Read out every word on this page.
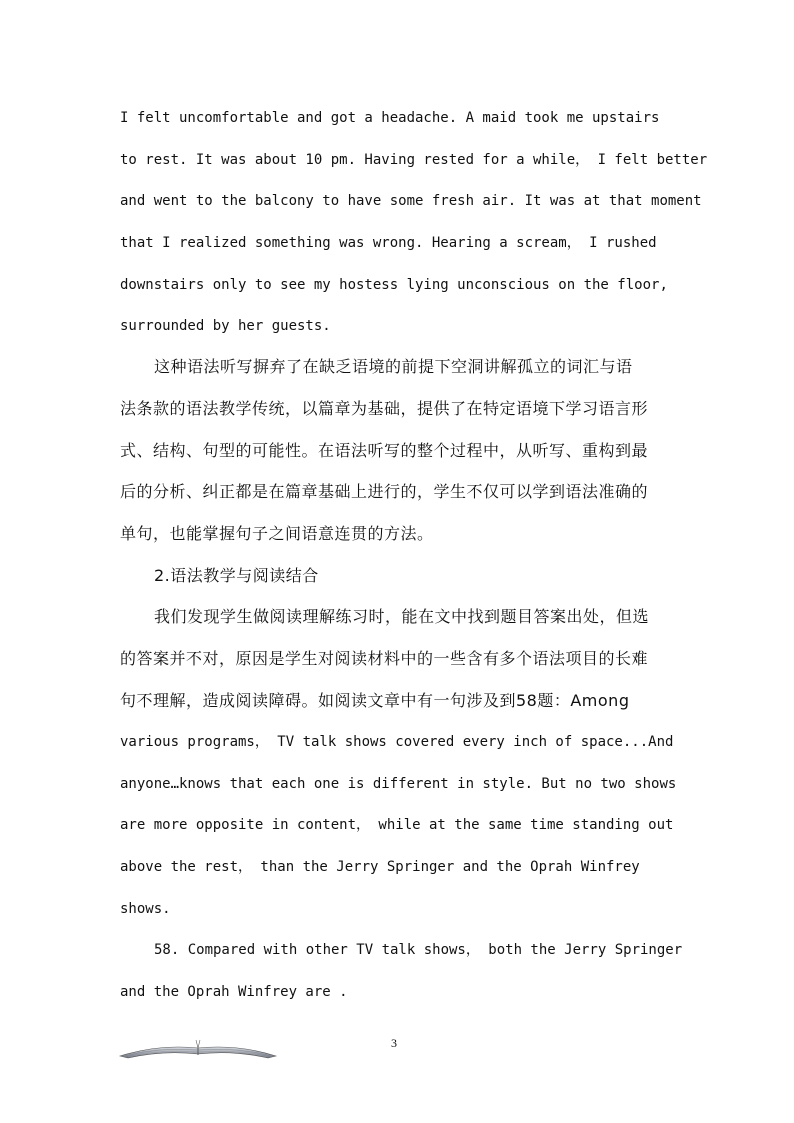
I felt uncomfortable and got a headache. A maid took me upstairs
to rest. It was about 10 pm. Having rested for a while， I felt better
and went to the balcony to have some fresh air. It was at that moment
that I realized something was wrong. Hearing a scream， I rushed
downstairs only to see my hostess lying unconscious on the floor,
surrounded by her guests.
这种语法听写摒弃了在缺乏语境的前提下空洞讲解孤立的词汇与语
法条款的语法教学传统，以篇章为基础，提供了在特定语境下学习语言形
式、结构、句型的可能性。在语法听写的整个过程中，从听写、重构到最
后的分析、纠正都是在篇章基础上进行的，学生不仅可以学到语法准确的
单句，也能掌握句子之间语意连贯的方法。
2.语法教学与阅读结合
我们发现学生做阅读理解练习时，能在文中找到题目答案出处，但选
的答案并不对，原因是学生对阅读材料中的一些含有多个语法项目的长难
句不理解，造成阅读障碍。如阅读文章中有一句涉及到58题：Among
various programs， TV talk shows covered every inch of space...And
anyone…knows that each one is different in style. But no two shows
are more opposite in content， while at the same time standing out
above the rest， than the Jerry Springer and the Oprah Winfrey
shows.
58. Compared with other TV talk shows， both the Jerry Springer
and the Oprah Winfrey are .
3
